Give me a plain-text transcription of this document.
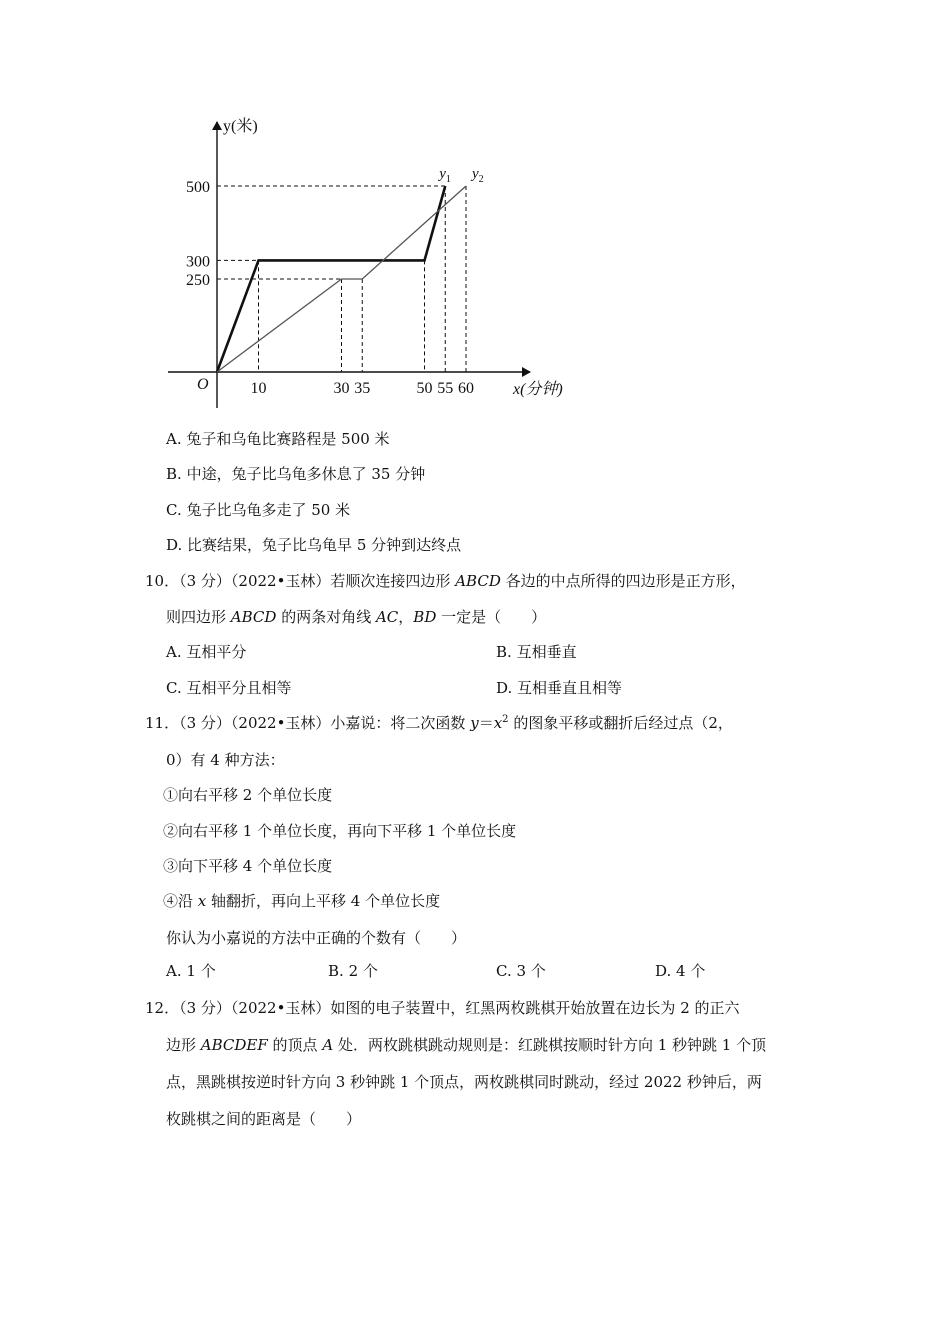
$y_1$ $y_2$
10	30 35	50 55 60
250
300
500
y(米)
x(分钟)
O
A. 兔子和乌龟比赛路程是 500 米
B. 中途，兔子比乌龟多休息了 35 分钟
C. 兔子比乌龟多走了 50 米
D. 比赛结果，兔子比乌龟早 5 分钟到达终点
10．（3 分）（2022•玉林）若顺次连接四边形 ABCD 各边的中点所得的四边形是正方形，
则四边形 ABCD 的两条对角线 AC，BD 一定是（　　）
A. 互相平分	B. 互相垂直
C. 互相平分且相等	D. 互相垂直且相等
11．（3 分）（2022•玉林）小嘉说：将二次函数 $y=x^2$ 的图象平移或翻折后经过点（2，
0）有 4 种方法：
①向右平移 2 个单位长度
②向右平移 1 个单位长度，再向下平移 1 个单位长度
③向下平移 4 个单位长度
④沿 x 轴翻折，再向上平移 4 个单位长度
你认为小嘉说的方法中正确的个数有（　　）
A. 1 个	B. 2 个	C. 3 个	D. 4 个
12．（3 分）（2022•玉林）如图的电子装置中，红黑两枚跳棋开始放置在边长为 2 的正六
边形 ABCDEF 的顶点 A 处．两枚跳棋跳动规则是：红跳棋按顺时针方向 1 秒钟跳 1 个顶
点，黑跳棋按逆时针方向 3 秒钟跳 1 个顶点，两枚跳棋同时跳动，经过 2022 秒钟后，两
枚跳棋之间的距离是（　　）
